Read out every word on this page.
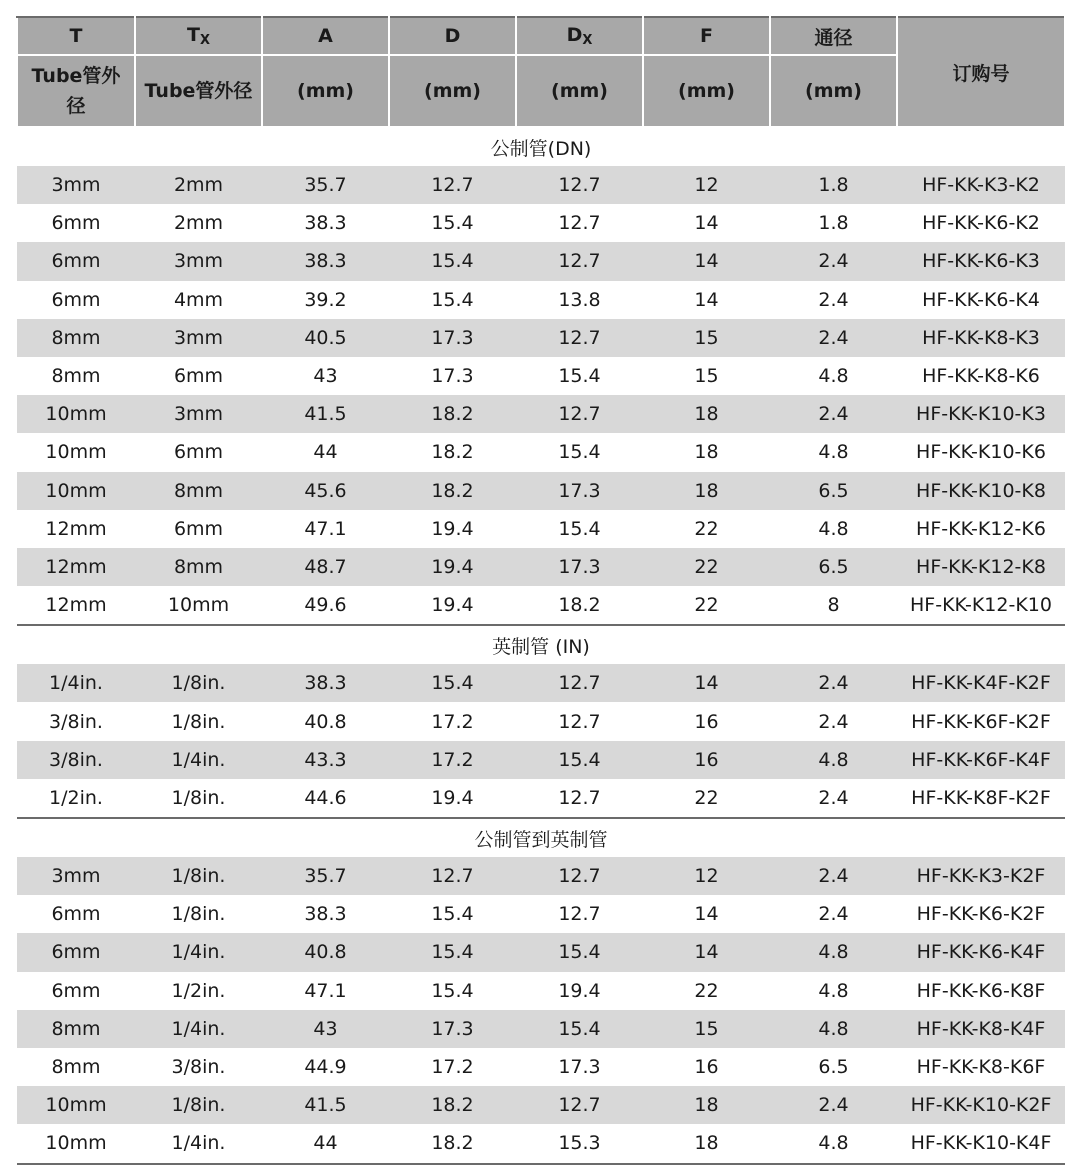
T	$T_X$	A	D	$D_X$	F	通径	订购号

Tube管外径	Tube管外径	(mm)	(mm)	(mm)	(mm)	(mm)	
公制管(DN)							
3mm	2mm	35.7	12.7	12.7	12	1.8	HF-KK-K3-K2
6mm	2mm	38.3	15.4	12.7	14	1.8	HF-KK-K6-K2
6mm	3mm	38.3	15.4	12.7	14	2.4	HF-KK-K6-K3
6mm	4mm	39.2	15.4	13.8	14	2.4	HF-KK-K6-K4
8mm	3mm	40.5	17.3	12.7	15	2.4	HF-KK-K8-K3
8mm	6mm	43	17.3	15.4	15	4.8	HF-KK-K8-K6
10mm	3mm	41.5	18.2	12.7	18	2.4	HF-KK-K10-K3
10mm	6mm	44	18.2	15.4	18	4.8	HF-KK-K10-K6
10mm	8mm	45.6	18.2	17.3	18	6.5	HF-KK-K10-K8
12mm	6mm	47.1	19.4	15.4	22	4.8	HF-KK-K12-K6
12mm	8mm	48.7	19.4	17.3	22	6.5	HF-KK-K12-K8
12mm	10mm	49.6	19.4	18.2	22	8	HF-KK-K12-K10
英制管 (IN)							
1/4in.	1/8in.	38.3	15.4	12.7	14	2.4	HF-KK-K4F-K2F
3/8in.	1/8in.	40.8	17.2	12.7	16	2.4	HF-KK-K6F-K2F
3/8in.	1/4in.	43.3	17.2	15.4	16	4.8	HF-KK-K6F-K4F
1/2in.	1/8in.	44.6	19.4	12.7	22	2.4	HF-KK-K8F-K2F
公制管到英制管							
3mm	1/8in.	35.7	12.7	12.7	12	2.4	HF-KK-K3-K2F
6mm	1/8in.	38.3	15.4	12.7	14	2.4	HF-KK-K6-K2F
6mm	1/4in.	40.8	15.4	15.4	14	4.8	HF-KK-K6-K4F
6mm	1/2in.	47.1	15.4	19.4	22	4.8	HF-KK-K6-K8F
8mm	1/4in.	43	17.3	15.4	15	4.8	HF-KK-K8-K4F
8mm	3/8in.	44.9	17.2	17.3	16	6.5	HF-KK-K8-K6F
10mm	1/8in.	41.5	18.2	12.7	18	2.4	HF-KK-K10-K2F
10mm	1/4in.	44	18.2	15.3	18	4.8	HF-KK-K10-K4F
